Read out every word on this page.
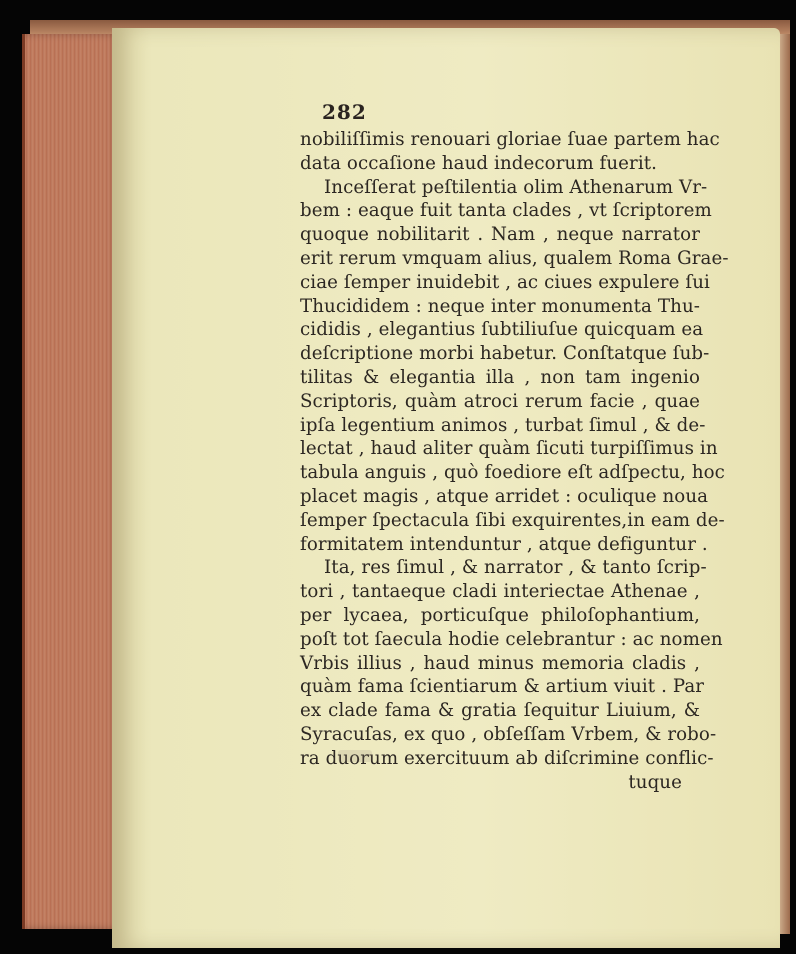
282
nobiliſſimis renouari gloriae ſuae partem hac
data occaſione haud indecorum fuerit.
Inceſſerat peſtilentia olim Athenarum Vr-
bem : eaque fuit tanta clades , vt ſcriptorem
quoque nobilitarit . Nam , neque narrator
erit rerum vmquam alius, qualem Roma Grae-
ciae ſemper inuidebit , ac ciues expulere ſui
Thucididem : neque inter monumenta Thu-
cididis , elegantius ſubtiliuſue quicquam ea
deſcriptione morbi habetur. Conſtatque ſub-
tilitas & elegantia illa , non tam ingenio
Scriptoris, quàm atroci rerum facie , quae
ipſa legentium animos , turbat ſimul , & de-
lectat , haud aliter quàm ſicuti turpiſſimus in
tabula anguis , quò foediore eſt adſpectu, hoc
placet magis , atque arridet : oculique noua
ſemper ſpectacula ſibi exquirentes,in eam de-
formitatem intenduntur , atque defiguntur .
Ita, res ſimul , & narrator , & tanto ſcrip-
tori , tantaeque cladi interiectae Athenae ,
per lycaea, porticuſque philoſophantium,
poſt tot ſaecula hodie celebrantur : ac nomen
Vrbis illius , haud minus memoria cladis ,
quàm fama ſcientiarum & artium viuit . Par
ex clade fama & gratia ſequitur Liuium, &
Syracuſas, ex quo , obſeſſam Vrbem, & robo-
ra duorum exercituum ab diſcrimine conflic-
tuque
